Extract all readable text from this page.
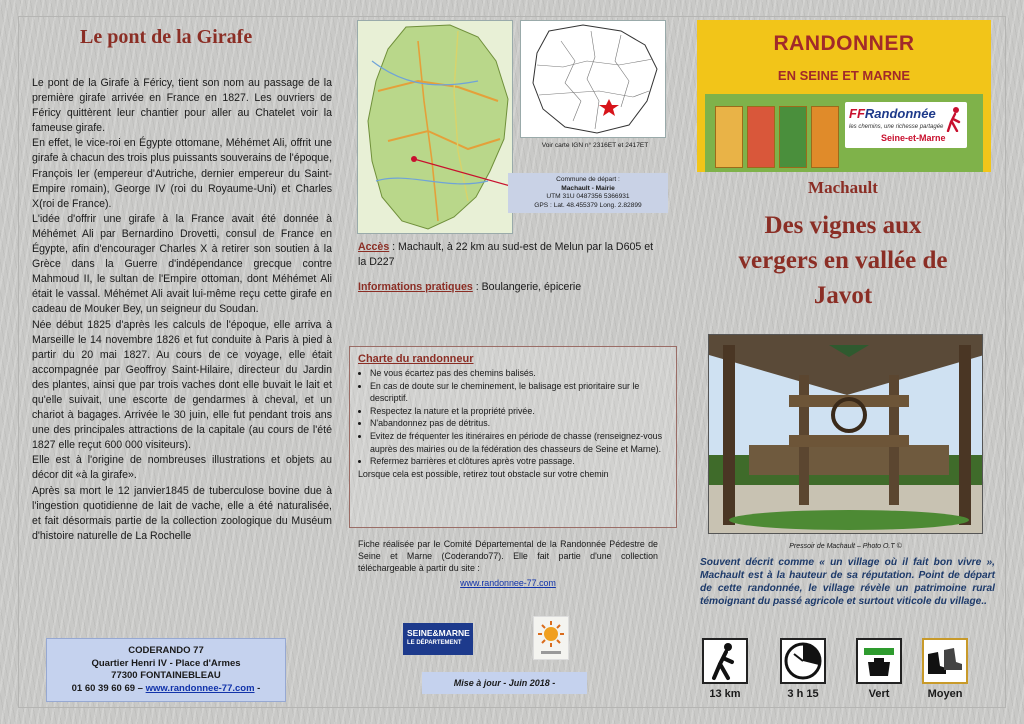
Le pont de la Girafe

Le pont de la Girafe à Féricy, tient son nom au passage de la première girafe arrivée en France en 1827. Les ouvriers de Féricy quittèrent leur chantier pour aller au Chatelet voir la fameuse girafe.

En effet, le vice-roi en Égypte ottomane, Méhémet Ali, offrit une girafe à chacun des trois plus puissants souverains de l'époque, François Ier (empereur d'Autriche, dernier empereur du Saint-Empire romain), George IV (roi du Royaume-Uni) et Charles X(roi de France).

L'idée d'offrir une girafe à la France avait été donnée à Méhémet Ali par Bernardino Drovetti, consul de France en Égypte, afin d'encourager Charles X à retirer son soutien à la Grèce dans la Guerre d'indépendance grecque contre Mahmoud II, le sultan de l'Empire ottoman, dont Méhémet Ali était le vassal. Méhémet Ali avait lui-même reçu cette girafe en cadeau de Mouker Bey, un seigneur du Soudan.

Née début 1825 d'après les calculs de l'époque, elle arriva à Marseille le 14 novembre 1826 et fut conduite à Paris à pied à partir du 20 mai 1827. Au cours de ce voyage, elle était accompagnée par Geoffroy Saint-Hilaire, directeur du Jardin des plantes, ainsi que par trois vaches dont elle buvait le lait et qu'elle suivait, une escorte de gendarmes à cheval, et un chariot à bagages. Arrivée le 30 juin, elle fut pendant trois ans une des principales attractions de la capitale (au cours de l'été 1827 elle reçut 600 000 visiteurs).

Elle est à l'origine de nombreuses illustrations et objets au décor dit «à la girafe».

Après sa mort le 12 janvier1845 de tuberculose bovine due à l'ingestion quotidienne de lait de vache, elle a été naturalisée, et fait désormais partie de la collection zoologique du Muséum d'histoire naturelle de La Rochelle

CODERANDO 77
Quartier Henri IV - Place d'Armes
77300 FONTAINEBLEAU
01 60 39 60 69 – www.randonnee-77.com -
Voir carte IGN n° 2316ET et 2417ET
Commune de départ :
Machault - Mairie
UTM 31U 0487356 5366931
GPS : Lat. 48.455379 Long. 2.82899
Accès : Machault, à 22 km au sud-est de Melun par la D605 et la D227
Informations pratiques : Boulangerie, épicerie
Charte du randonneur
• Ne vous écartez pas des chemins balisés.
• En cas de doute sur le cheminement, le balisage est prioritaire sur le descriptif.
• Respectez la nature et la propriété privée.
• N'abandonnez pas de détritus.
• Evitez de fréquenter les itinéraires en période de chasse (renseignez-vous auprès des mairies ou de la fédération des chasseurs de Seine et Marne).
• Refermez barrières et clôtures après votre passage.
Lorsque cela est possible, retirez tout obstacle sur votre chemin
Fiche réalisée par le Comité Départemental de la Randonnée Pédestre de Seine et Marne (Coderando77). Elle fait partie d'une collection téléchargeable à partir du site :
www.randonnee-77.com
SEINE&MARNE
LE DÉPARTEMENT
Mise à jour - Juin 2018 -
RANDONNER
EN SEINE ET MARNE
FFRandonnée
les chemins, une richesse partagée
Seine-et-Marne
Machault
Des vignes aux
vergers en vallée de
Javot
Pressoir de Machault – Photo O.T ©
Souvent décrit comme « un village où il fait bon vivre », Machault est à la hauteur de sa réputation. Point de départ de cette randonnée, le village révèle un patrimoine rural témoignant du passé agricole et surtout viticole du village..
13 km	3 h 15	Vert	Moyen
